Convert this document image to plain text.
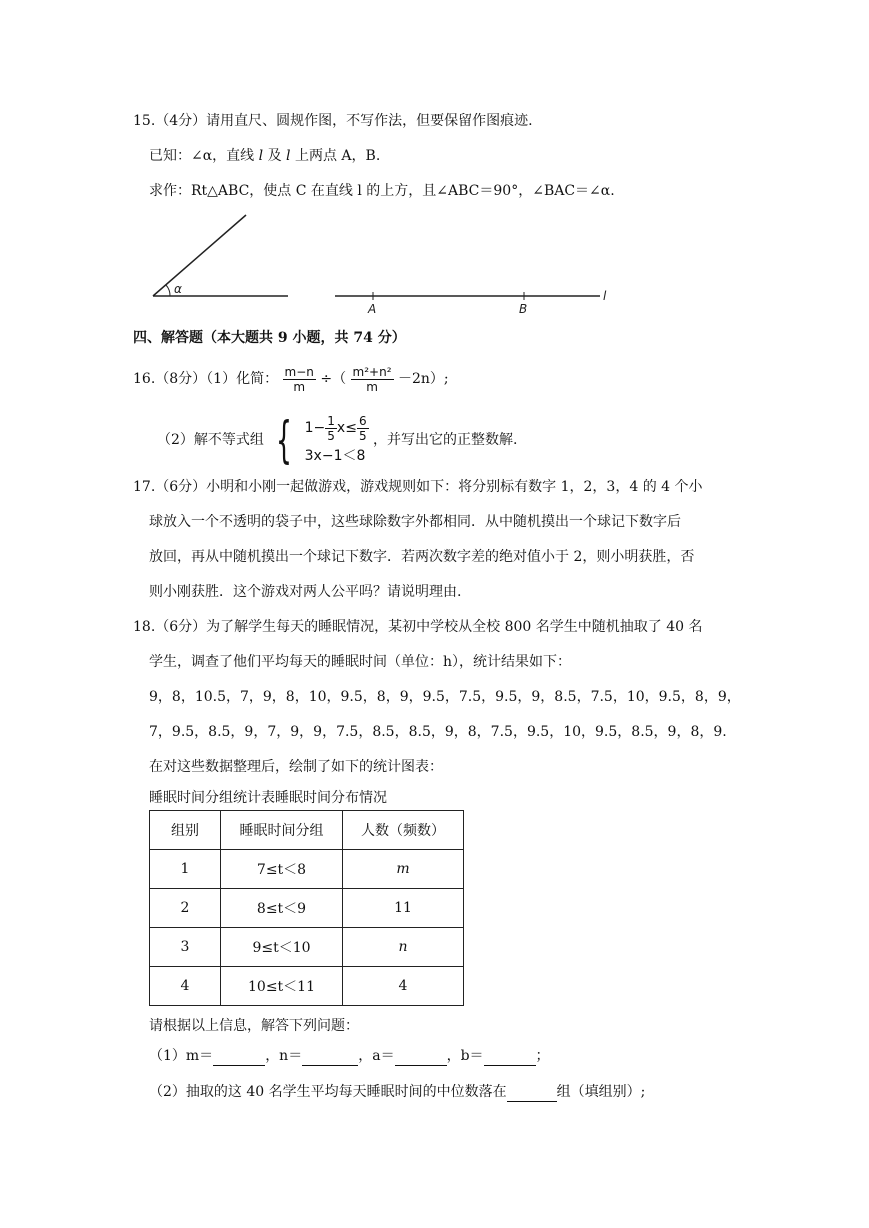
15.（4分）请用直尺、圆规作图，不写作法，但要保留作图痕迹.
已知：∠α，直线 l 及 l 上两点 A，B.
求作：Rt△ABC，使点 C 在直线 l 的上方，且∠ABC＝90°，∠BAC＝∠α.
α
A	B
l
四、解答题（本大题共 9 小题，共 74 分）
16.（8分）（1）化简： $\frac{m-n}{m}$ ÷（ $\frac{\text{m²+n²}}{m} -2n$）;
（2）解不等式组 { $1- \frac{1}{5} x\le \frac{6}{5}$
3x−1＜8
，并写出它的正整数解.
17.（6分）小明和小刚一起做游戏，游戏规则如下：将分别标有数字 1，2，3，4 的 4 个小
球放入一个不透明的袋子中，这些球除数字外都相同．从中随机摸出一个球记下数字后
放回，再从中随机摸出一个球记下数字．若两次数字差的绝对值小于 2，则小明获胜，否
则小刚获胜．这个游戏对两人公平吗？请说明理由.
18.（6分）为了解学生每天的睡眠情况，某初中学校从全校 800 名学生中随机抽取了 40 名
学生，调查了他们平均每天的睡眠时间（单位：h），统计结果如下：
9，8，10.5，7，9，8，10，9.5，8，9，9.5，7.5，9.5，9，8.5，7.5，10，9.5，8，9，
7，9.5，8.5，9，7，9，9，7.5，8.5，8.5，9，8，7.5，9.5，10，9.5，8.5，9，8，9.
在对这些数据整理后，绘制了如下的统计图表：
睡眠时间分组统计表睡眠时间分布情况
组别	睡眠时间分组	人数（频数）
1	7≤t＜8	m
2	8≤t＜9	11
3	9≤t＜10	n
4	10≤t＜11	4
请根据以上信息，解答下列问题：
（1）m＝	，n＝	，a＝	，b＝	；
（2）抽取的这 40 名学生平均每天睡眠时间的中位数落在	组（填组别）;
